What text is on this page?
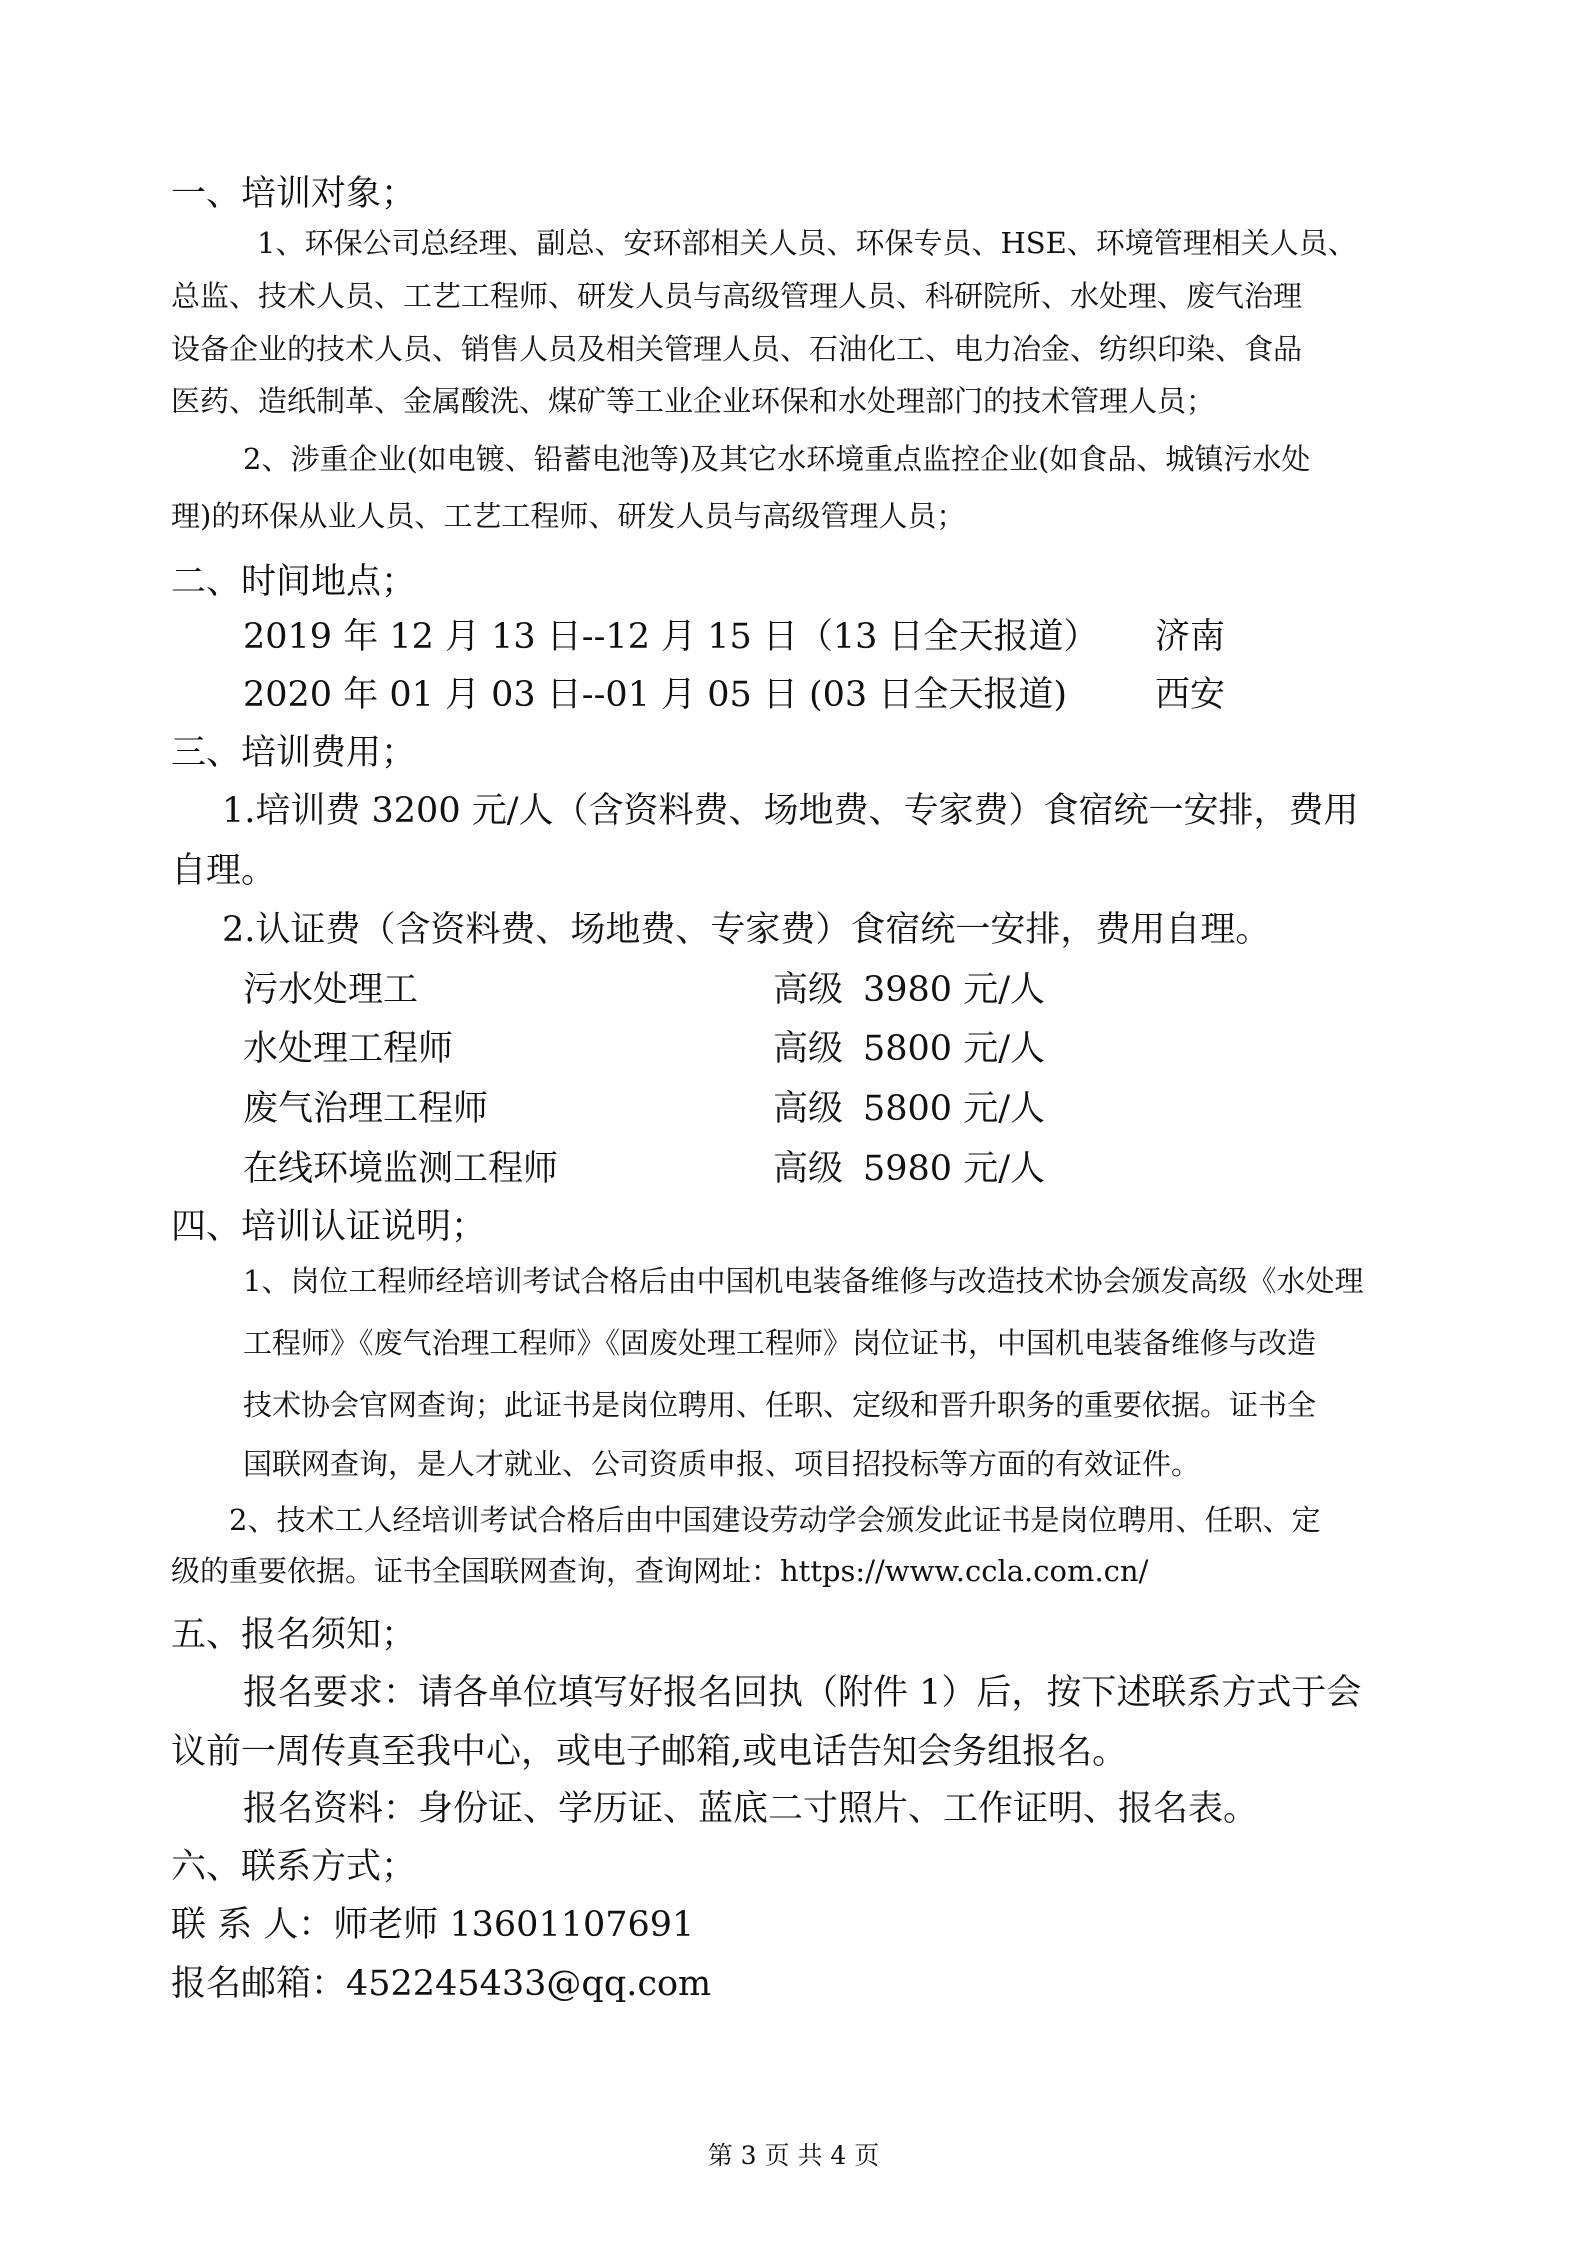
一、培训对象；
1、环保公司总经理、副总、安环部相关人员、环保专员、HSE、环境管理相关人员、
总监、技术人员、工艺工程师、研发人员与高级管理人员、科研院所、水处理、废气治理
设备企业的技术人员、销售人员及相关管理人员、石油化工、电力冶金、纺织印染、食品
医药、造纸制革、金属酸洗、煤矿等工业企业环保和水处理部门的技术管理人员；
2、涉重企业(如电镀、铅蓄电池等)及其它水环境重点监控企业(如食品、城镇污水处
理)的环保从业人员、工艺工程师、研发人员与高级管理人员；
二、时间地点；
2019 年 12 月 13 日--12 月 15 日（13 日全天报道） 济南
2020 年 01 月 03 日--01 月 05 日 (03 日全天报道)	西安
三、培训费用；
1.培训费 3200 元/人（含资料费、场地费、专家费）食宿统一安排，费用
自理。
2.认证费（含资料费、场地费、专家费）食宿统一安排，费用自理。
污水处理工	高级 3980 元/人
水处理工程师	高级 5800 元/人
废气治理工程师	高级 5800 元/人
在线环境监测工程师	高级 5980 元/人
四、培训认证说明；
1、岗位工程师经培训考试合格后由中国机电装备维修与改造技术协会颁发高级《水处理
工程师》《废气治理工程师》《固废处理工程师》岗位证书，中国机电装备维修与改造
技术协会官网查询；此证书是岗位聘用、任职、定级和晋升职务的重要依据。证书全
国联网查询，是人才就业、公司资质申报、项目招投标等方面的有效证件。
2、技术工人经培训考试合格后由中国建设劳动学会颁发此证书是岗位聘用、任职、定
级的重要依据。证书全国联网查询，查询网址：https://www.ccla.com.cn/
五、报名须知；
报名要求：请各单位填写好报名回执（附件 1）后，按下述联系方式于会
议前一周传真至我中心，或电子邮箱,或电话告知会务组报名。
报名资料：身份证、学历证、蓝底二寸照片、工作证明、报名表。
六、联系方式；
联 系 人：师老师 13601107691
报名邮箱：452245433@qq.com
第 3 页 共 4 页
